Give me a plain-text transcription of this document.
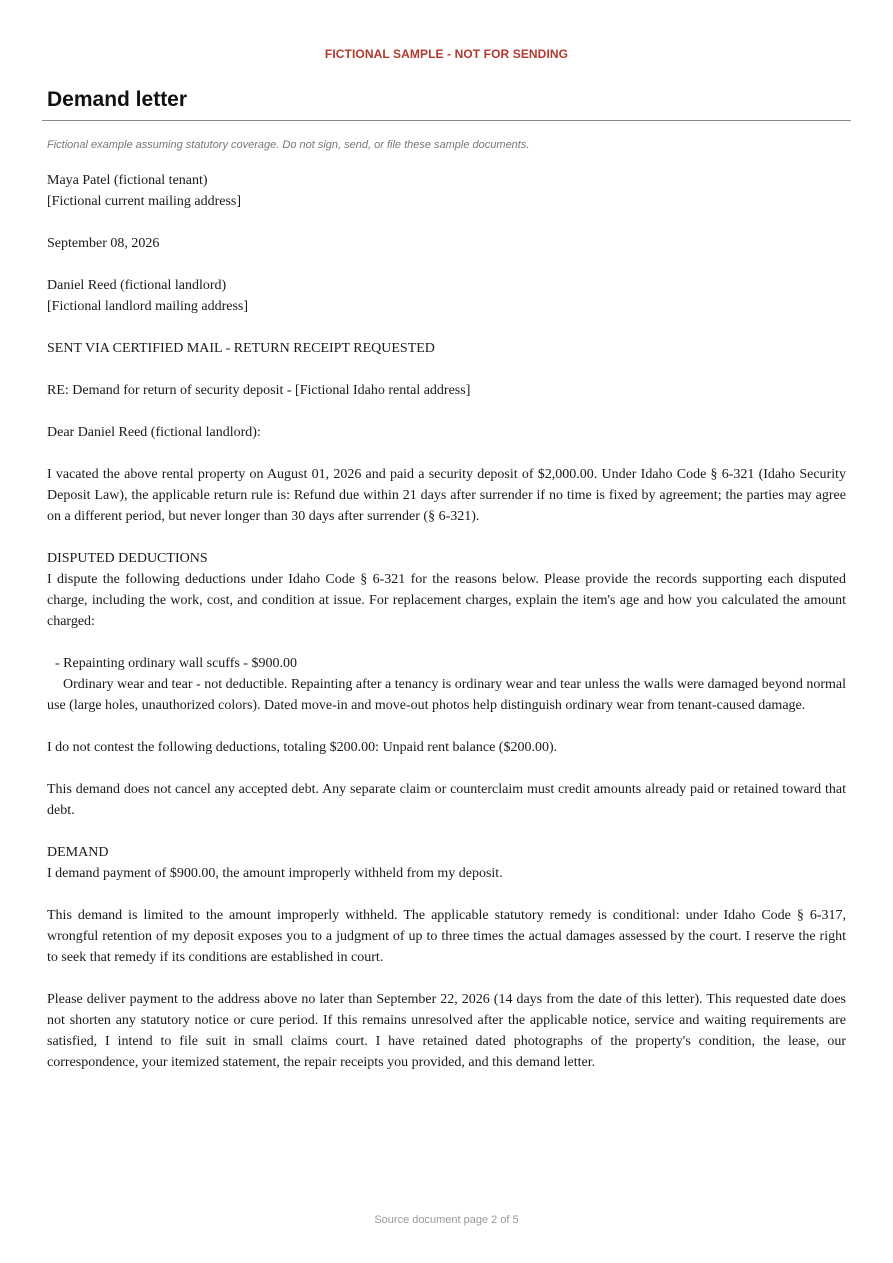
FICTIONAL SAMPLE - NOT FOR SENDING
Demand letter
Fictional example assuming statutory coverage. Do not sign, send, or file these sample documents.

Maya Patel (fictional tenant)
[Fictional current mailing address]

September 08, 2026

Daniel Reed (fictional landlord)
[Fictional landlord mailing address]

SENT VIA CERTIFIED MAIL - RETURN RECEIPT REQUESTED

RE: Demand for return of security deposit - [Fictional Idaho rental address]

Dear Daniel Reed (fictional landlord):

I vacated the above rental property on August 01, 2026 and paid a security deposit of $2,000.00. Under Idaho Code § 6-321 (Idaho Security Deposit Law), the applicable return rule is: Refund due within 21 days after surrender if no time is fixed by agreement; the parties may agree on a different period, but never longer than 30 days after surrender (§ 6-321).

DISPUTED DEDUCTIONS
I dispute the following deductions under Idaho Code § 6-321 for the reasons below. Please provide the records supporting each disputed charge, including the work, cost, and condition at issue. For replacement charges, explain the item's age and how you calculated the amount charged:

- Repainting ordinary wall scuffs - $900.00
Ordinary wear and tear - not deductible. Repainting after a tenancy is ordinary wear and tear unless the walls were damaged beyond normal use (large holes, unauthorized colors). Dated move-in and move-out photos help distinguish ordinary wear from tenant-caused damage.

I do not contest the following deductions, totaling $200.00: Unpaid rent balance ($200.00).

This demand does not cancel any accepted debt. Any separate claim or counterclaim must credit amounts already paid or retained toward that debt.

DEMAND
I demand payment of $900.00, the amount improperly withheld from my deposit.

This demand is limited to the amount improperly withheld. The applicable statutory remedy is conditional: under Idaho Code § 6-317, wrongful retention of my deposit exposes you to a judgment of up to three times the actual damages assessed by the court. I reserve the right to seek that remedy if its conditions are established in court.

Please deliver payment to the address above no later than September 22, 2026 (14 days from the date of this letter). This requested date does not shorten any statutory notice or cure period. If this remains unresolved after the applicable notice, service and waiting requirements are satisfied, I intend to file suit in small claims court. I have retained dated photographs of the property's condition, the lease, our correspondence, your itemized statement, the repair receipts you provided, and this demand letter.

Source document page 2 of 5
